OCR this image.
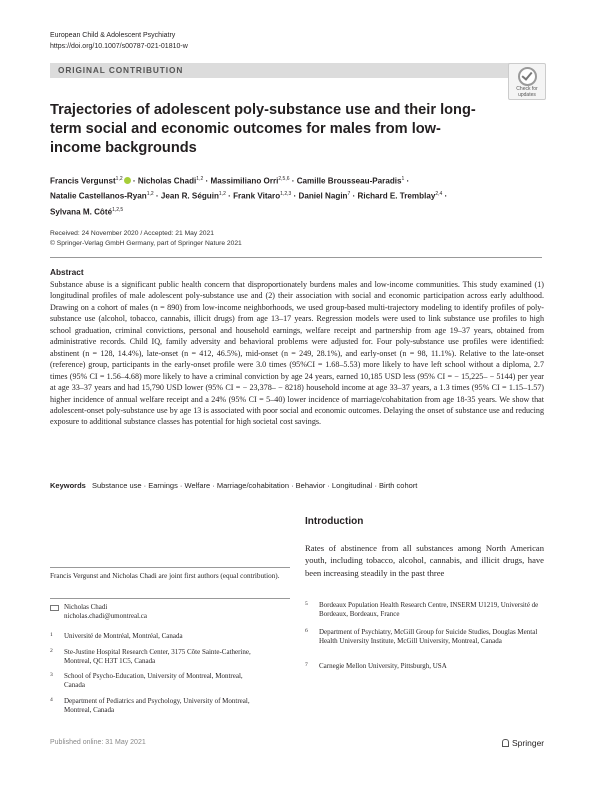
European Child & Adolescent Psychiatry
https://doi.org/10.1007/s00787-021-01810-w
ORIGINAL CONTRIBUTION
Check for
updates
Trajectories of adolescent poly-substance use and their long-term social and economic outcomes for males from low-income backgrounds
Francis Vergunst$^{1,2}$ · Nicholas Chadi$^{1,2}$ · Massimiliano Orri$^{2,5,6}$ · Camille Brousseau-Paradis$^1$ ·
Natalie Castellanos-Ryan$^{1,2}$ · Jean R. Séguin$^{1,2}$ · Frank Vitaro$^{1,2,3}$ · Daniel Nagin$^7$ · Richard E. Tremblay$^{2,4}$ ·
Sylvana M. Côté$^{1,2,5}$
Received: 24 November 2020 / Accepted: 21 May 2021
© Springer-Verlag GmbH Germany, part of Springer Nature 2021
Abstract
Substance abuse is a significant public health concern that disproportionately burdens males and low-income communities. This study examined (1) longitudinal profiles of male adolescent poly-substance use and (2) their association with social and economic participation across early adulthood. Drawing on a cohort of males (n = 890) from low-income neighborhoods, we used group-based multi-trajectory modeling to identify profiles of poly-substance use (alcohol, tobacco, cannabis, illicit drugs) from age 13–17 years. Regression models were used to link substance use profiles to high school graduation, criminal convictions, personal and household earnings, welfare receipt and partnership from age 19–37 years, obtained from administrative records. Child IQ, family adversity and behavioral problems were adjusted for. Four poly-substance use profiles were identified: abstinent (n = 128, 14.4%), late-onset (n = 412, 46.5%), mid-onset (n = 249, 28.1%), and early-onset (n = 98, 11.1%). Relative to the late-onset (reference) group, participants in the early-onset profile were 3.0 times (95%CI = 1.68–5.53) more likely to have left school without a diploma, 2.7 times (95% CI = 1.56–4.68) more likely to have a criminal conviction by age 24 years, earned 10,185 USD less (95% CI = − 15,225– − 5144) per year at age 33–37 years and had 15,790 USD lower (95% CI = − 23,378– − 8218) household income at age 33–37 years, a 1.3 times (95% CI = 1.15–1.57) higher incidence of annual welfare receipt and a 24% (95% CI = 5–40) lower incidence of marriage/cohabitation from age 18-35 years. We show that adolescent-onset poly-substance use by age 13 is associated with poor social and economic outcomes. Delaying the onset of substance use and reducing exposure to additional substance classes has potential for high societal cost savings.
Keywords Substance use · Earnings · Welfare · Marriage/cohabitation · Behavior · Longitudinal · Birth cohort
Introduction
Rates of abstinence from all substances among North American youth, including tobacco, alcohol, cannabis, and illicit drugs, have been increasing steadily in the past three
Francis Vergunst and Nicholas Chadi are joint first authors (equal contribution).
Nicholas Chadi
nicholas.chadi@umontreal.ca
1 Université de Montréal, Montréal, Canada
2 Ste-Justine Hospital Research Center, 3175 Côte Sainte-Catherine, Montreal, QC H3T 1C5, Canada
3 School of Psycho-Education, University of Montreal, Montreal, Canada
4 Department of Pediatrics and Psychology, University of Montreal, Montreal, Canada
5 Bordeaux Population Health Research Centre, INSERM U1219, Université de Bordeaux, Bordeaux, France
6 Department of Psychiatry, McGill Group for Suicide Studies, Douglas Mental Health University Institute, McGill University, Montreal, Canada
7 Carnegie Mellon University, Pittsburgh, USA
Published online: 31 May 2021	Springer
